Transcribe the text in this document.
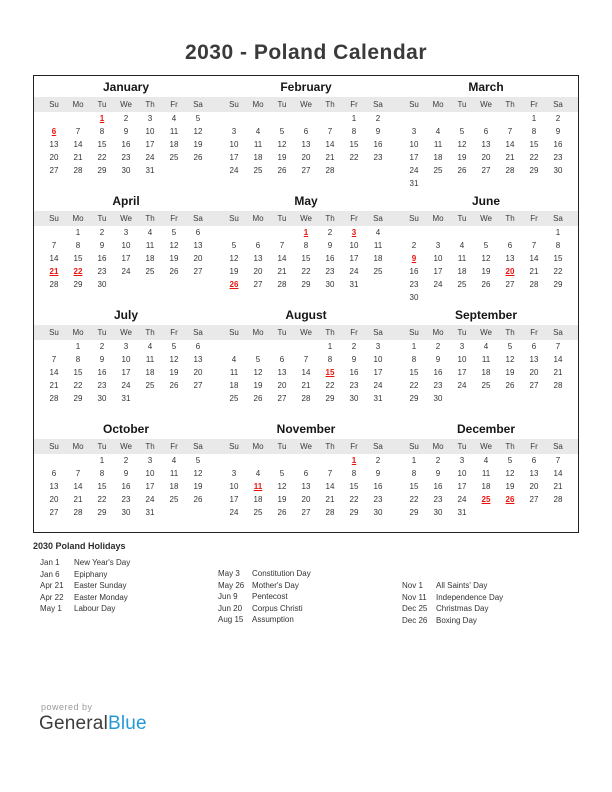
2030 - Poland Calendar
January
Su	Mo	Tu	We	Th	Fr	Sa
		1	2	3	4	5
6	7	8	9	10	11	12
13	14	15	16	17	18	19
20	21	22	23	24	25	26
27	28	29	30	31		
February
Su	Mo	Tu	We	Th	Fr	Sa
					1	2
3	4	5	6	7	8	9
10	11	12	13	14	15	16
17	18	19	20	21	22	23
24	25	26	27	28		
March
Su	Mo	Tu	We	Th	Fr	Sa
					1	2
3	4	5	6	7	8	9
10	11	12	13	14	15	16
17	18	19	20	21	22	23
24	25	26	27	28	29	30
31						
April
Su	Mo	Tu	We	Th	Fr	Sa
	1	2	3	4	5	6
7	8	9	10	11	12	13
14	15	16	17	18	19	20
21	22	23	24	25	26	27
28	29	30				
May
Su	Mo	Tu	We	Th	Fr	Sa
			1	2	3	4
5	6	7	8	9	10	11
12	13	14	15	16	17	18
19	20	21	22	23	24	25
26	27	28	29	30	31	
June
Su	Mo	Tu	We	Th	Fr	Sa
						1
2	3	4	5	6	7	8
9	10	11	12	13	14	15
16	17	18	19	20	21	22
23	24	25	26	27	28	29
30						
July
Su	Mo	Tu	We	Th	Fr	Sa
	1	2	3	4	5	6
7	8	9	10	11	12	13
14	15	16	17	18	19	20
21	22	23	24	25	26	27
28	29	30	31			
August
Su	Mo	Tu	We	Th	Fr	Sa
				1	2	3
4	5	6	7	8	9	10
11	12	13	14	15	16	17
18	19	20	21	22	23	24
25	26	27	28	29	30	31
September
Su	Mo	Tu	We	Th	Fr	Sa
1	2	3	4	5	6	7
8	9	10	11	12	13	14
15	16	17	18	19	20	21
22	23	24	25	26	27	28
29	30					
October
Su	Mo	Tu	We	Th	Fr	Sa
		1	2	3	4	5
6	7	8	9	10	11	12
13	14	15	16	17	18	19
20	21	22	23	24	25	26
27	28	29	30	31		
November
Su	Mo	Tu	We	Th	Fr	Sa
					1	2
3	4	5	6	7	8	9
10	11	12	13	14	15	16
17	18	19	20	21	22	23
24	25	26	27	28	29	30
December
Su	Mo	Tu	We	Th	Fr	Sa
1	2	3	4	5	6	7
8	9	10	11	12	13	14
15	16	17	18	19	20	21
22	23	24	25	26	27	28
29	30	31				
2030 Poland Holidays
Jan 1 New Year's Day
Jan 6 Epiphany
Apr 21 Easter Sunday
Apr 22 Easter Monday
May 1 Labour Day
May 3 Constitution Day
May 26 Mother's Day
Jun 9 Pentecost
Jun 20 Corpus Christi
Aug 15 Assumption
Nov 1 All Saints' Day
Nov 11 Independence Day
Dec 25 Christmas Day
Dec 26 Boxing Day
powered by
GeneralBlue
